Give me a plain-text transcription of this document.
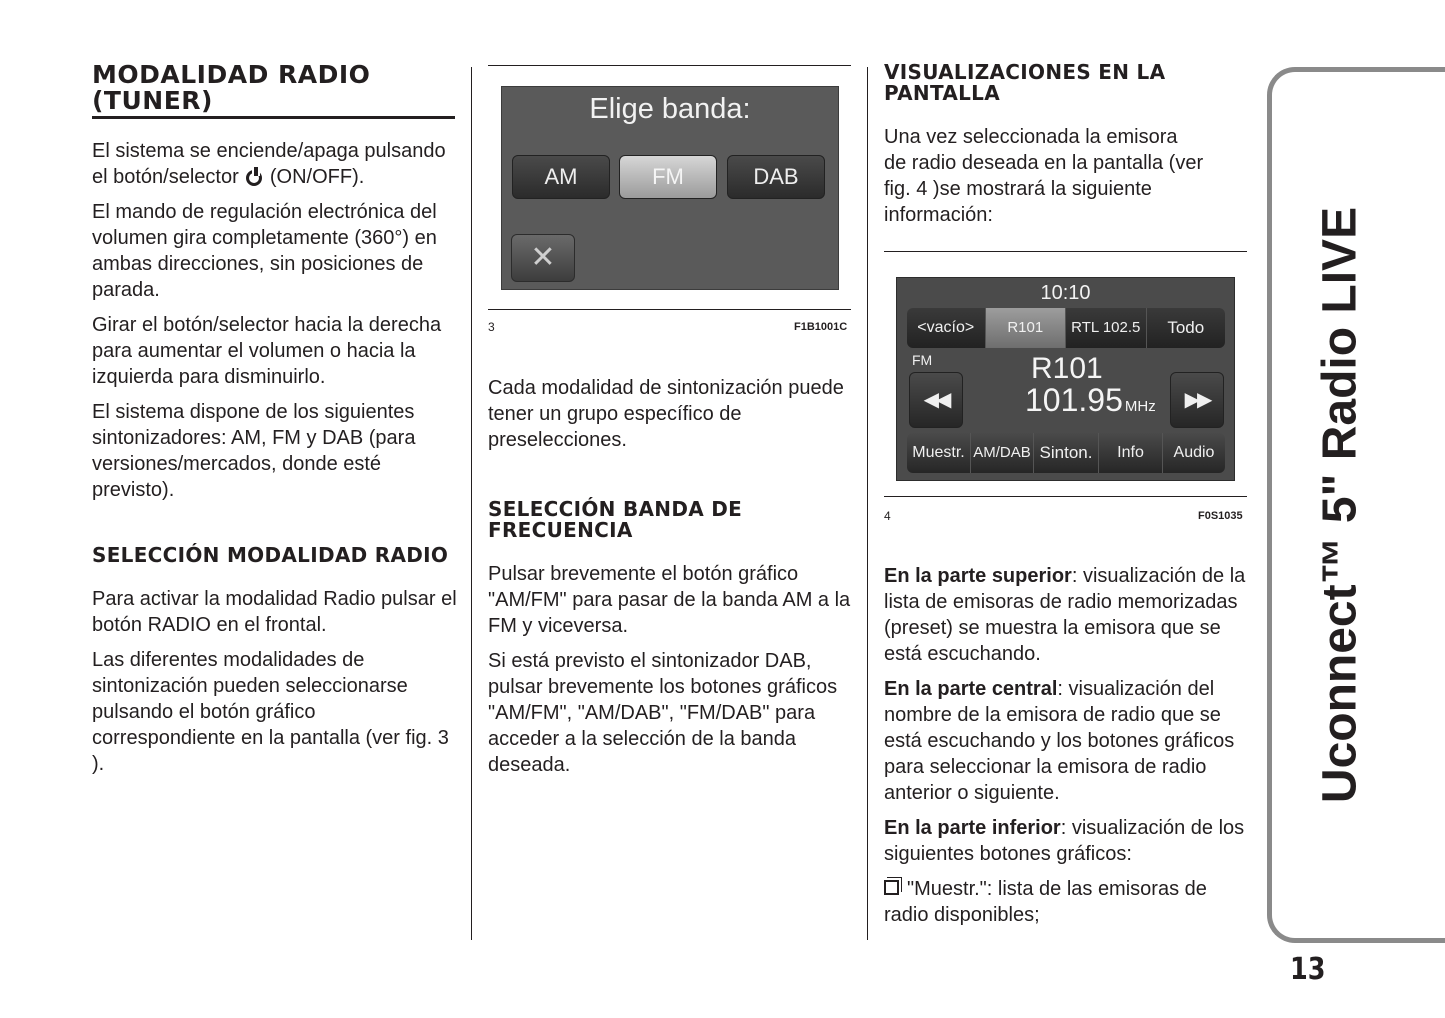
MODALIDAD RADIO (TUNER)

El sistema se enciende/apaga pulsando el botón/selector (ON/OFF).

El mando de regulación electrónica del volumen gira completamente (360°) en ambas direcciones, sin posiciones de parada.

Girar el botón/selector hacia la derecha para aumentar el volumen o hacia la izquierda para disminuirlo.

El sistema dispone de los siguientes sintonizadores: AM, FM y DAB (para versiones/mercados, donde esté previsto).

SELECCIÓN MODALIDAD RADIO

Para activar la modalidad Radio pulsar el botón RADIO en el frontal.

Las diferentes modalidades de sintonización pueden seleccionarse pulsando el botón gráfico correspondiente en la pantalla (ver fig. 3 ).

Elige banda:
AM	FM	DAB
✕
3	F1B1001C

Cada modalidad de sintonización puede tener un grupo específico de preselecciones.

SELECCIÓN BANDA DE FRECUENCIA

Pulsar brevemente el botón gráfico "AM/FM" para pasar de la banda AM a la FM y viceversa.

Si está previsto el sintonizador DAB, pulsar brevemente los botones gráficos "AM/FM", "AM/DAB", "FM/DAB" para acceder a la selección de la banda deseada.

VISUALIZACIONES EN LA PANTALLA

Una vez seleccionada la emisora de radio deseada en la pantalla (ver fig. 4 )se mostrará la siguiente información:

10:10
<vacío>	R101	RTL 102.5	Todo
FM
◀◀
R101
101.95 MHz	▶▶
Muestr. AM/DAB Sinton.	Info	Audio
4	F0S1035

En la parte superior: visualización de la lista de emisoras de radio memorizadas (preset) se muestra la emisora que se está escuchando.

En la parte central: visualización del nombre de la emisora de radio que se está escuchando y los botones gráficos para seleccionar la emisora de radio anterior o siguiente.

En la parte inferior: visualización de los siguientes botones gráficos:

"Muestr.": lista de las emisoras de radio disponibles;

Uconnect™ 5" Radio LIVE
13
